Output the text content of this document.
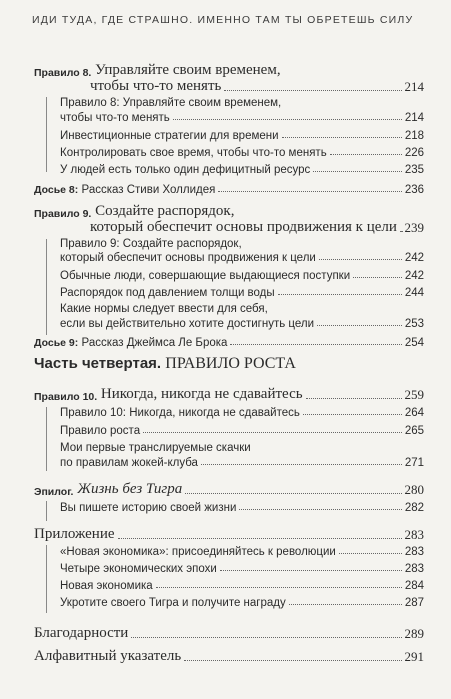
ИДИ ТУДА, ГДЕ СТРАШНО. ИМЕННО ТАМ ТЫ ОБРЕТЕШЬ СИЛУ
Правило 8.
Управляйте своим временем,
чтобы что-то менять	214
Правило 8: Управляйте своим временем,
чтобы что-то менять	214
Инвестиционные стратегии для времени	218
Контролировать свое время, чтобы что-то менять	226
У людей есть только один дефицитный ресурс	235
Досье 8:
Рассказ Стиви Холлидея	236
Правило 9.
Создайте распорядок,
который обеспечит основы продвижения к цели 239
Правило 9: Создайте распорядок,
который обеспечит основы продвижения к цели	242
Обычные люди, совершающие выдающиеся поступки	242
Распорядок под давлением толщи воды	244
Какие нормы следует ввести для себя,
если вы действительно хотите достигнуть цели	253
Досье 9:
Рассказ Джеймса Ле Брока	254
Часть четвертая. ПРАВИЛО РОСТА
Правило 10.
Никогда, никогда не сдавайтесь	259
Правило 10: Никогда, никогда не сдавайтесь	264
Правило роста	265
Мои первые транслируемые скачки
по правилам жокей-клуба	271
Эпилог.
Жизнь без Тигра	280
Вы пишете историю своей жизни	282
Приложение	283
«Новая экономика»: присоединяйтесь к революции	283
Четыре экономических эпохи	283
Новая экономика	284
Укротите своего Тигра и получите награду	287
Благодарности	289
Алфавитный указатель	291
